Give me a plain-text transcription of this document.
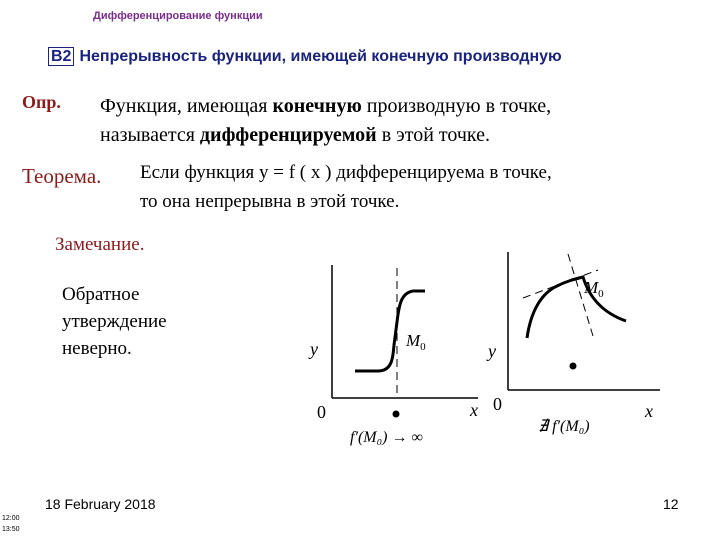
Дифференцирование функции
В2 Непрерывность функции, имеющей конечную производную
Опр. Функция, имеющая конечную производную в точке,
называется дифференцируемой в этой точке.
Теорема. Если функция y = f ( x ) дифференцируема в точке,
то она непрерывна в этой точке.
Замечание.
Обратное
утверждение
неверно.	y
x
0
$M_0$
f′(M₀) → ∞
y
x
0
$M_0$
∄ f′(M₀)
18 February 2018	12
12:00
13:50
